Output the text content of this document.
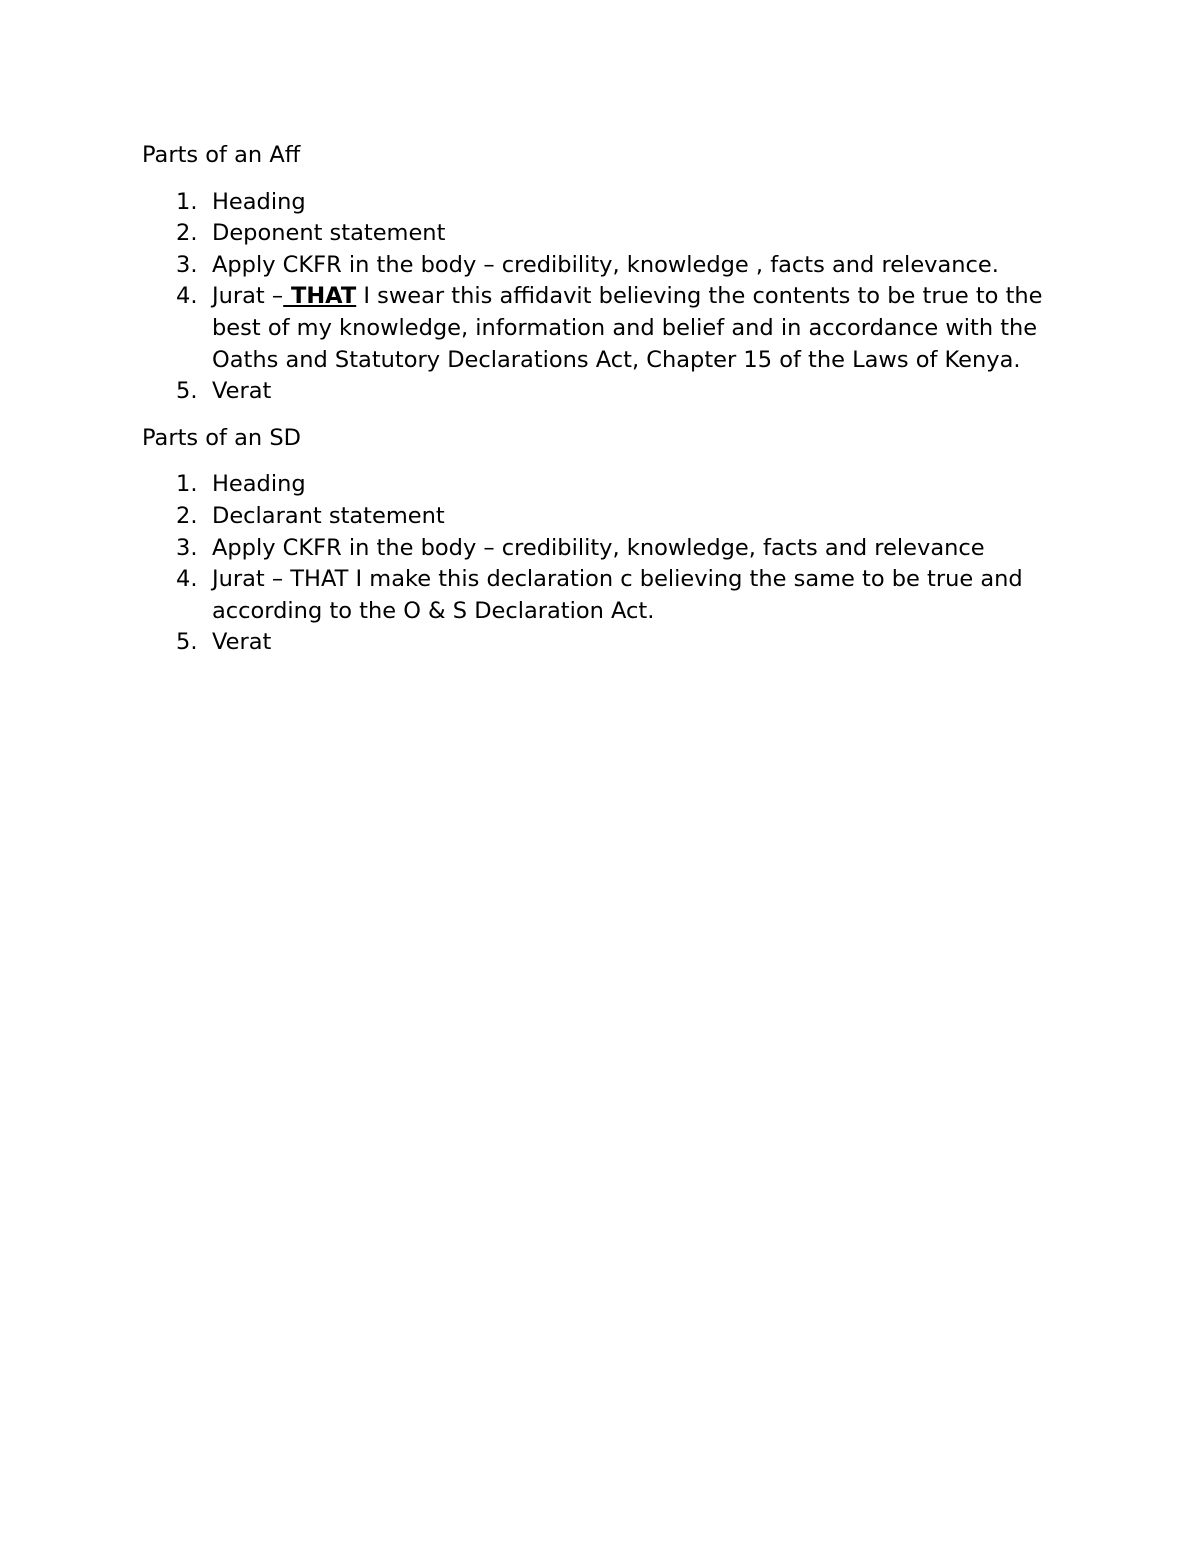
Parts of an Aff

1. Heading
2. Deponent statement
3. Apply CKFR in the body – credibility, knowledge , facts and relevance.
4. Jurat – THAT I swear this affidavit believing the contents to be true to the best of my knowledge, information and belief and in accordance with the Oaths and Statutory Declarations Act, Chapter 15 of the Laws of Kenya.
5. Verat

Parts of an SD

1. Heading
2. Declarant statement
3. Apply CKFR in the body – credibility, knowledge, facts and relevance
4. Jurat – THAT I make this declaration c believing the same to be true and according to the O & S Declaration Act.
5. Verat
